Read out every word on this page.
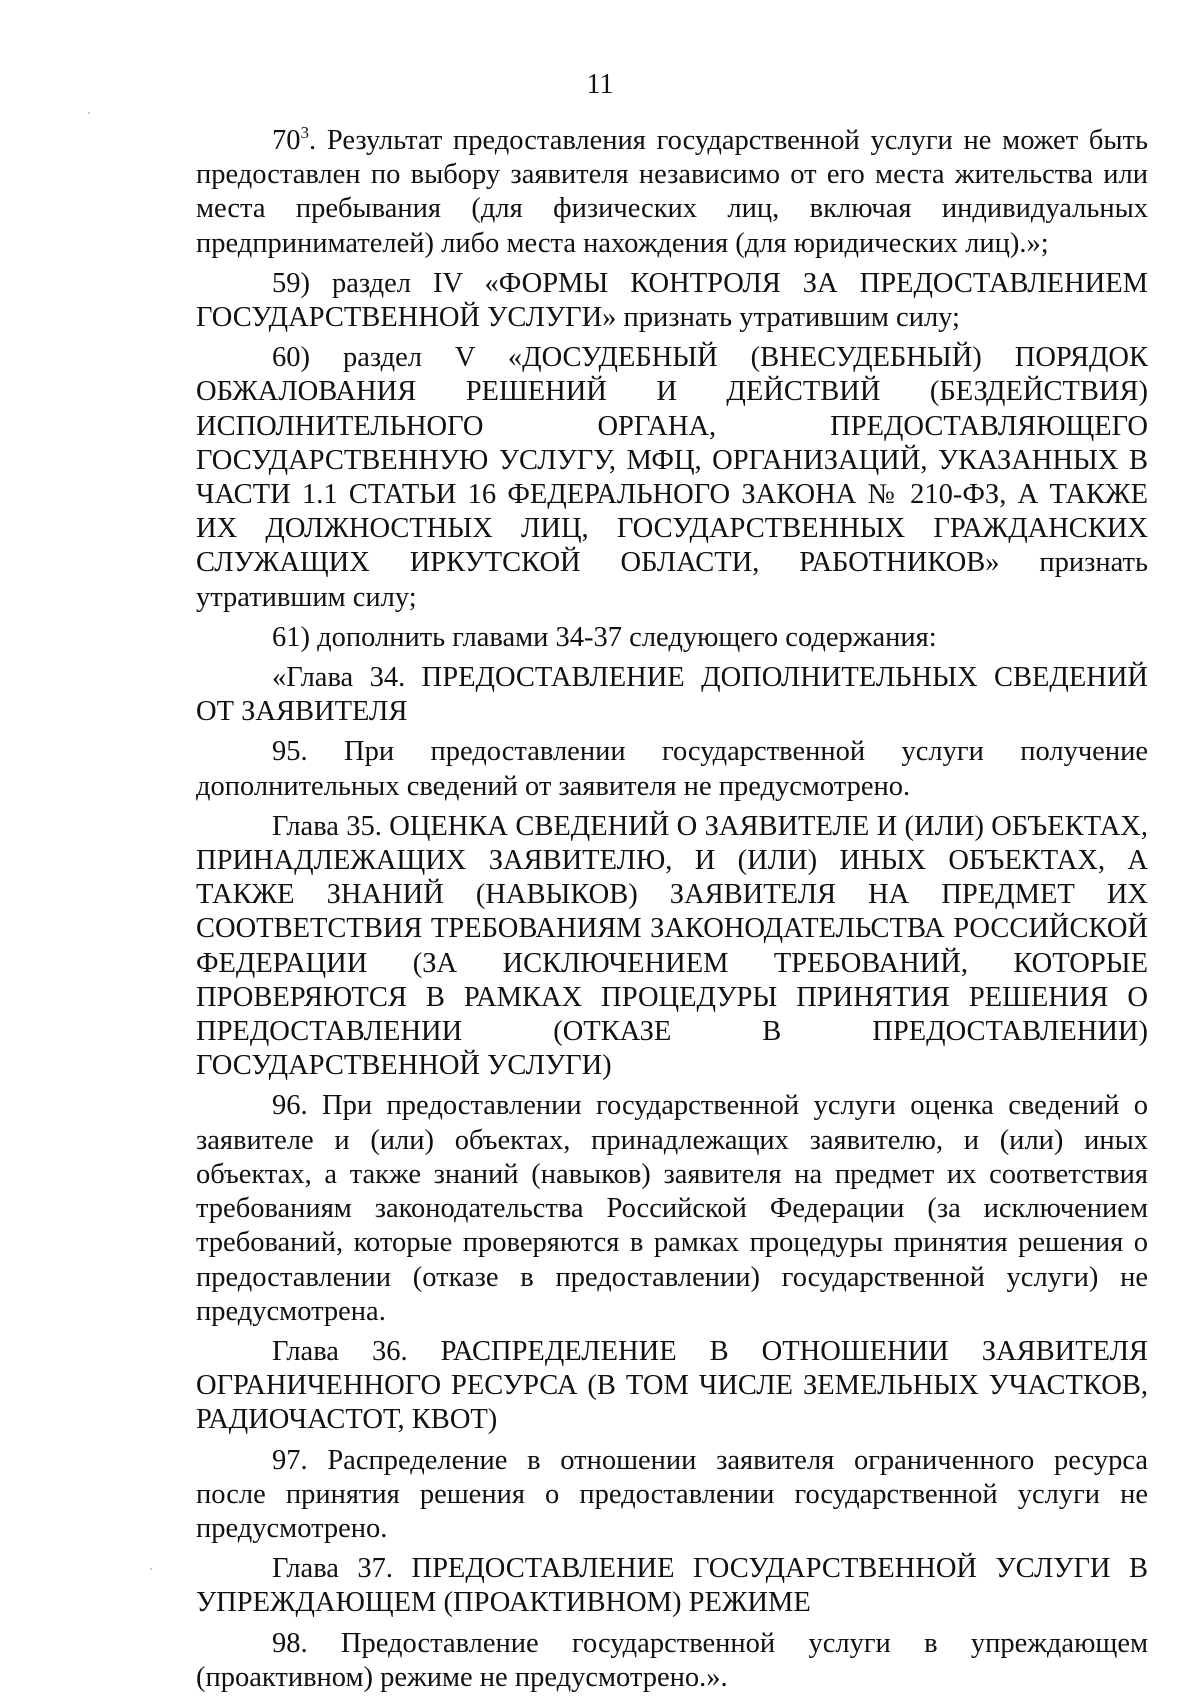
11

$70^3$. Результат предоставления государственной услуги не может быть предоставлен по выбору заявителя независимо от его места жительства или места пребывания (для физических лиц, включая индивидуальных предпринимателей) либо места нахождения (для юридических лиц).»;

59) раздел IV «ФОРМЫ КОНТРОЛЯ ЗА ПРЕДОСТАВЛЕНИЕМ ГОСУДАРСТВЕННОЙ УСЛУГИ» признать утратившим силу;

60) раздел V «ДОСУДЕБНЫЙ (ВНЕСУДЕБНЫЙ) ПОРЯДОК ОБЖАЛОВАНИЯ РЕШЕНИЙ И ДЕЙСТВИЙ (БЕЗДЕЙСТВИЯ) ИСПОЛНИТЕЛЬНОГО ОРГАНА, ПРЕДОСТАВЛЯЮЩЕГО ГОСУДАРСТВЕННУЮ УСЛУГУ, МФЦ, ОРГАНИЗАЦИЙ, УКАЗАННЫХ В ЧАСТИ 1.1 СТАТЬИ 16 ФЕДЕРАЛЬНОГО ЗАКОНА № 210-ФЗ, А ТАКЖЕ ИХ ДОЛЖНОСТНЫХ ЛИЦ, ГОСУДАРСТВЕННЫХ ГРАЖДАНСКИХ СЛУЖАЩИХ ИРКУТСКОЙ ОБЛАСТИ, РАБОТНИКОВ» признать утратившим силу;

61) дополнить главами 34-37 следующего содержания:

«Глава 34. ПРЕДОСТАВЛЕНИЕ ДОПОЛНИТЕЛЬНЫХ СВЕДЕНИЙ ОТ ЗАЯВИТЕЛЯ

95. При предоставлении государственной услуги получение дополнительных сведений от заявителя не предусмотрено.

Глава 35. ОЦЕНКА СВЕДЕНИЙ О ЗАЯВИТЕЛЕ И (ИЛИ) ОБЪЕКТАХ, ПРИНАДЛЕЖАЩИХ ЗАЯВИТЕЛЮ, И (ИЛИ) ИНЫХ ОБЪЕКТАХ, А ТАКЖЕ ЗНАНИЙ (НАВЫКОВ) ЗАЯВИТЕЛЯ НА ПРЕДМЕТ ИХ СООТВЕТСТВИЯ ТРЕБОВАНИЯМ ЗАКОНОДАТЕЛЬСТВА РОССИЙСКОЙ ФЕДЕРАЦИИ (ЗА ИСКЛЮЧЕНИЕМ ТРЕБОВАНИЙ, КОТОРЫЕ ПРОВЕРЯЮТСЯ В РАМКАХ ПРОЦЕДУРЫ ПРИНЯТИЯ РЕШЕНИЯ О ПРЕДОСТАВЛЕНИИ (ОТКАЗЕ В ПРЕДОСТАВЛЕНИИ) ГОСУДАРСТВЕННОЙ УСЛУГИ)

96. При предоставлении государственной услуги оценка сведений о заявителе и (или) объектах, принадлежащих заявителю, и (или) иных объектах, а также знаний (навыков) заявителя на предмет их соответствия требованиям законодательства Российской Федерации (за исключением требований, которые проверяются в рамках процедуры принятия решения о предоставлении (отказе в предоставлении) государственной услуги) не предусмотрена.

Глава 36. РАСПРЕДЕЛЕНИЕ В ОТНОШЕНИИ ЗАЯВИТЕЛЯ ОГРАНИЧЕННОГО РЕСУРСА (В ТОМ ЧИСЛЕ ЗЕМЕЛЬНЫХ УЧАСТКОВ, РАДИОЧАСТОТ, КВОТ)

97. Распределение в отношении заявителя ограниченного ресурса после принятия решения о предоставлении государственной услуги не предусмотрено.

Глава 37. ПРЕДОСТАВЛЕНИЕ ГОСУДАРСТВЕННОЙ УСЛУГИ В УПРЕЖДАЮЩЕМ (ПРОАКТИВНОМ) РЕЖИМЕ

98. Предоставление государственной услуги в упреждающем (проактивном) режиме не предусмотрено.».
